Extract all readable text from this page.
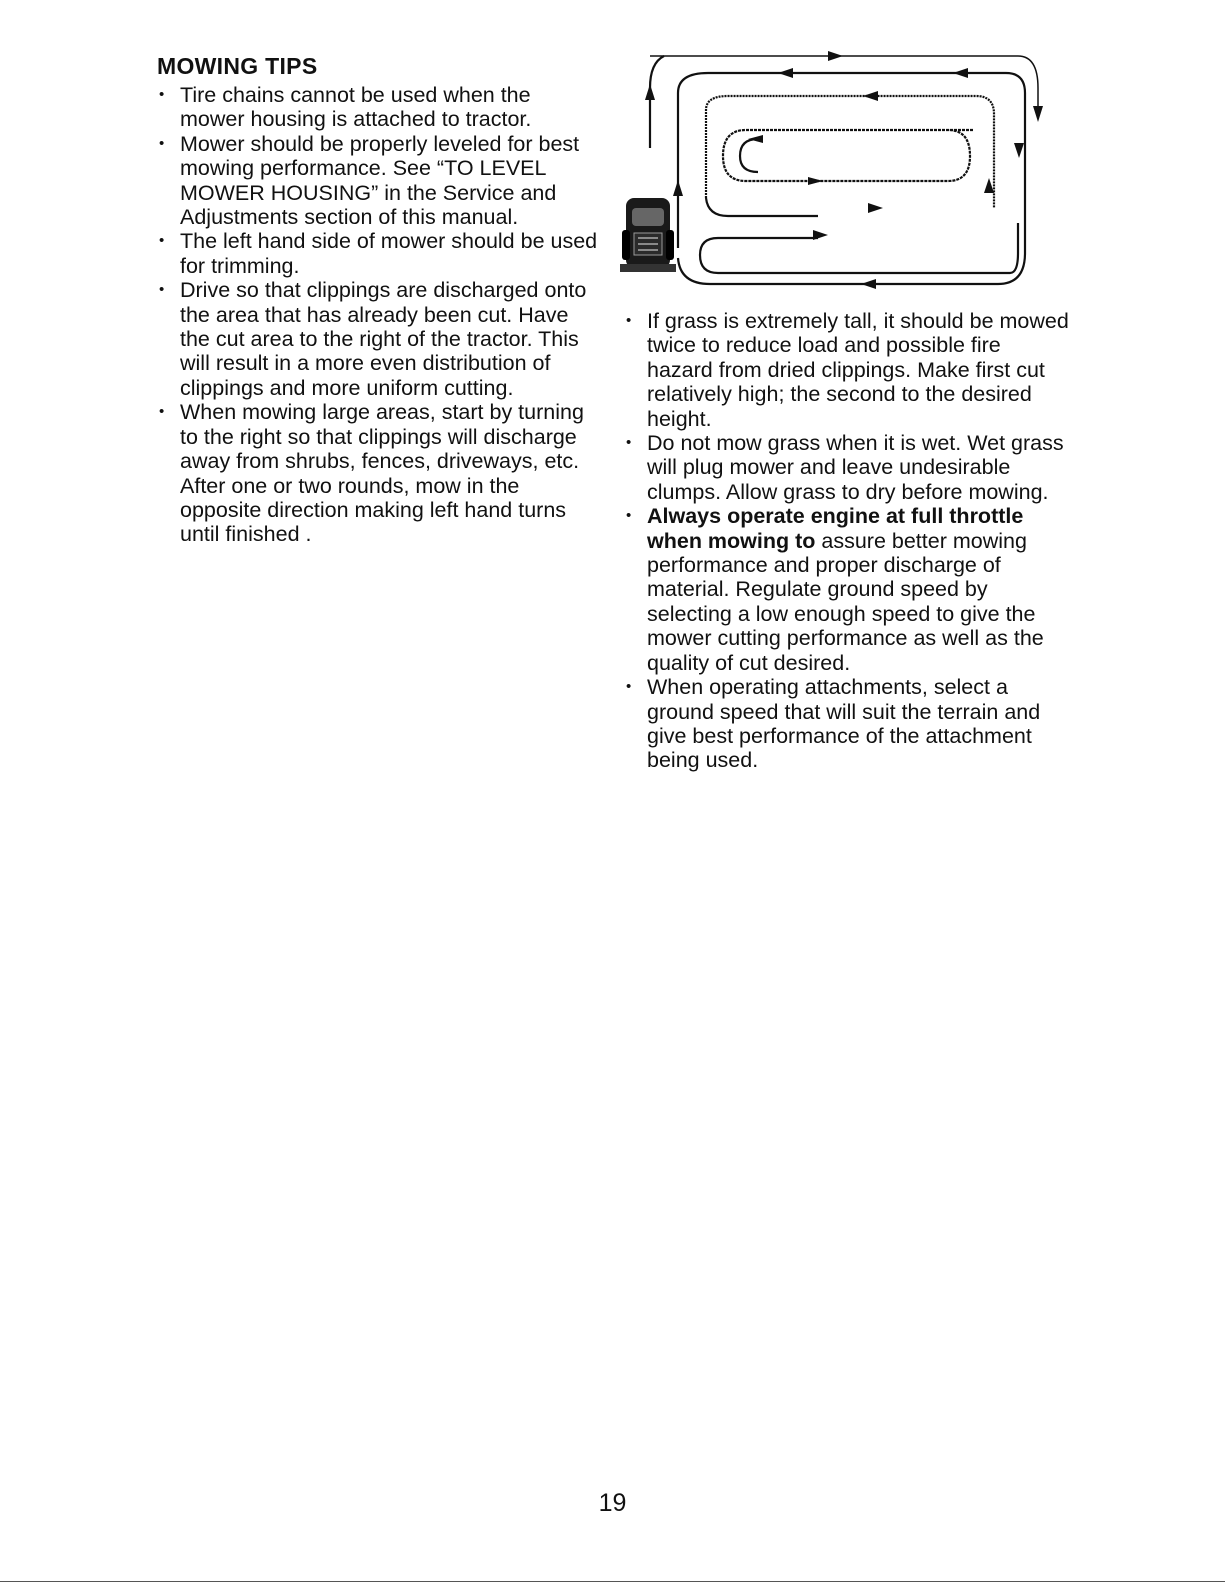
MOWING TIPS
• Tire chains cannot be used when the mower housing is attached to tractor.
• Mower should be properly leveled for best mowing performance. See “TO LEVEL MOWER HOUSING” in the Service and Adjustments section of this manual.
• The left hand side of mower should be used for trimming.
• Drive so that clippings are discharged onto the area that has already been cut. Have the cut area to the right of the tractor. This will result in a more even distribution of clippings and more uniform cutting.
• When mowing large areas, start by turning to the right so that clippings will discharge away from shrubs, fences, driveways, etc. After one or two rounds, mow in the opposite direction making left hand turns until finished .
• If grass is extremely tall, it should be mowed twice to reduce load and possible fire hazard from dried clippings. Make first cut relatively high; the second to the desired height.
• Do not mow grass when it is wet. Wet grass will plug mower and leave undesirable clumps. Allow grass to dry before mowing.
• Always operate engine at full throttle when mowing to assure better mowing performance and proper discharge of material. Regulate ground speed by selecting a low enough speed to give the mower cutting performance as well as the quality of cut desired.
• When operating attachments, select a ground speed that will suit the terrain and give best performance of the attachment being used.

19
